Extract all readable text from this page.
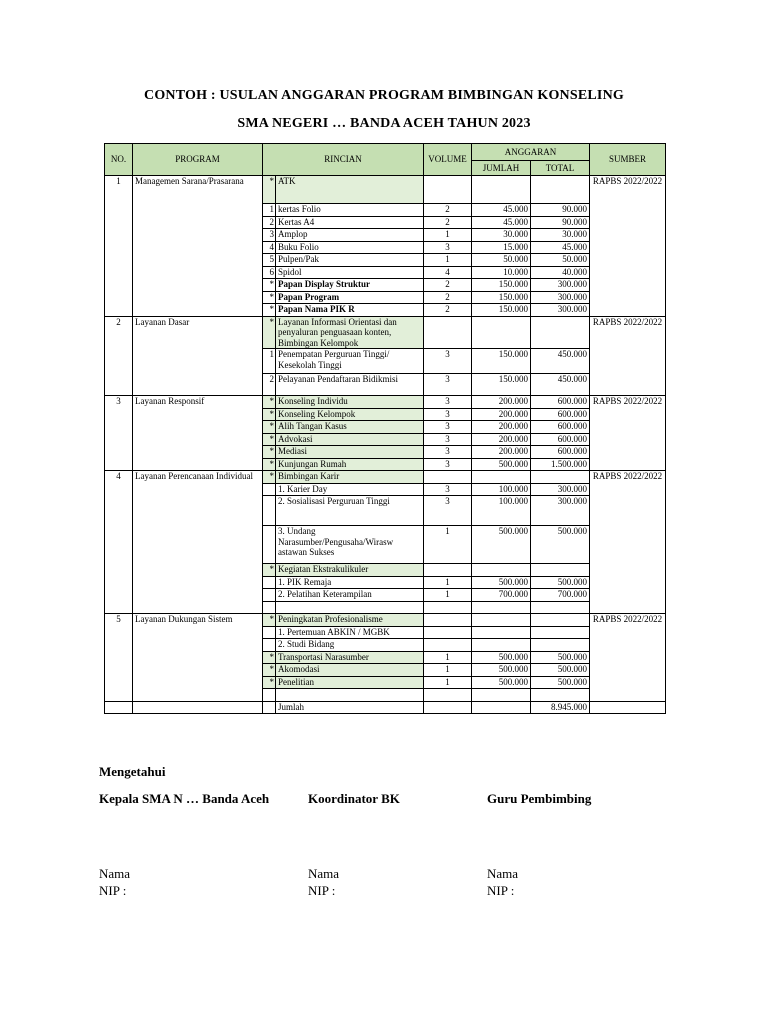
CONTOH : USULAN ANGGARAN PROGRAM BIMBINGAN KONSELING
SMA NEGERI … BANDA ACEH TAHUN 2023
NO.	PROGRAM	RINCIAN		VOLUME	ANGGARAN		SUMBER
					JUMLAH	TOTAL	
1	Managemen Sarana/Prasarana	*	ATK				RAPBS 2022/2022
		1	kertas Folio	2	45.000	90.000	
		2	Kertas A4	2	45.000	90.000	
		3	Amplop	1	30.000	30.000	
		4	Buku Folio	3	15.000	45.000	
		5	Pulpen/Pak	1	50.000	50.000	
		6	Spidol	4	10.000	40.000	
		*	Papan Display Struktur	2	150.000	300.000	
		*	Papan Program	2	150.000	300.000	
		*	Papan Nama PIK R	2	150.000	300.000	
2	Layanan Dasar	*	Layanan Informasi Orientasi dan penyaluran penguasaan konten, Bimbingan Kelompok				RAPBS 2022/2022
		1	Penempatan Perguruan Tinggi/ Kesekolah Tinggi	3	150.000	450.000	
		2	Pelayanan Pendaftaran Bidikmisi	3	150.000	450.000	
3	Layanan Responsif	*	Konseling Individu	3	200.000	600.000	RAPBS 2022/2022
		*	Konseling Kelompok	3	200.000	600.000	
		*	Alih Tangan Kasus	3	200.000	600.000	
		*	Advokasi	3	200.000	600.000	
		*	Mediasi	3	200.000	600.000	
		*	Kunjungan Rumah	3	500.000	1.500.000	
4	Layanan Perencanaan Individual	*	Bimbingan Karir				RAPBS 2022/2022
			1. Karier Day	3	100.000	300.000	
			2. Sosialisasi Perguruan Tinggi	3	100.000	300.000	
			3. Undang Narasumber/Pengusaha/Wirasw astawan Sukses	1	500.000	500.000	
		*	Kegiatan Ekstrakulikuler				
			1. PIK Remaja	1	500.000	500.000	
			2. Pelatihan Keterampilan	1	700.000	700.000	

5	Layanan Dukungan Sistem	*	Peningkatan Profesionalisme				RAPBS 2022/2022
			1. Pertemuan ABKIN / MGBK				
			2. Studi Bidang				
		*	Transportasi Narasumber	1	500.000	500.000	
		*	Akomodasi	1	500.000	500.000	
		*	Penelitian	1	500.000	500.000	

			Jumlah			8.945.000	
Mengetahui
Kepala SMA N … Banda Aceh	Koordinator BK	Guru Pembimbing
Nama
NIP :
Nama
NIP :
Nama
NIP :
